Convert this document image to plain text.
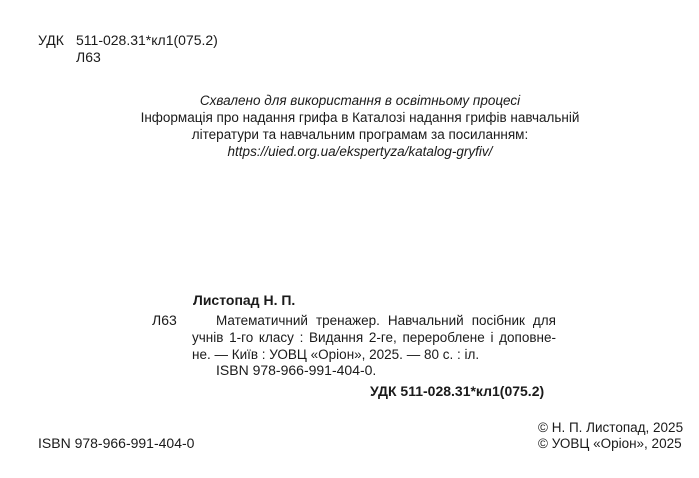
УДК 511-028.31*кл1(075.2)
Л63
Схвалено для використання в освітньому процесі
Інформація про надання грифа в Каталозі надання грифів навчальній
літератури та навчальним програмам за посиланням:
https://uied.org.ua/ekspertyza/katalog-gryfiv/
Листопад Н. П.
Л63	Математичний тренажер. Навчальний посібник для
учнів 1-го класу : Видання 2-ге, перероблене і доповне-
не. — Київ : УОВЦ «Оріон», 2025. — 80 с. : іл.
ISBN 978-966-991-404-0.
УДК 511-028.31*кл1(075.2)
© Н. П. Листопад, 2025
© УОВЦ «Оріон», 2025
ISBN 978-966-991-404-0
